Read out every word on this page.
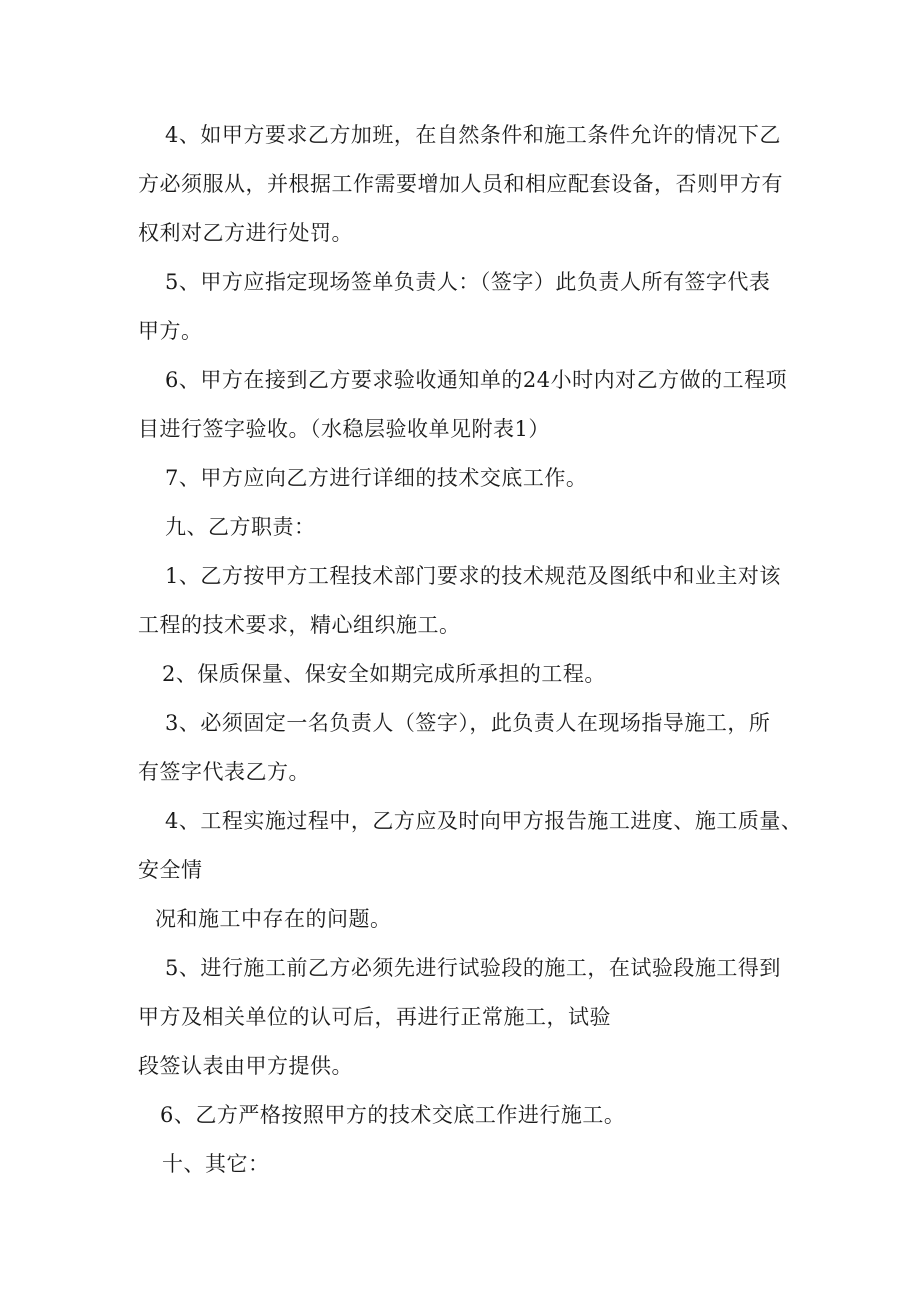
4、如甲方要求乙方加班，在自然条件和施工条件允许的情况下乙
方必须服从，并根据工作需要增加人员和相应配套设备，否则甲方有
权利对乙方进行处罚。
5、甲方应指定现场签单负责人：（签字）此负责人所有签字代表
甲方。
6、甲方在接到乙方要求验收通知单的24小时内对乙方做的工程项
目进行签字验收。（水稳层验收单见附表1）
7、甲方应向乙方进行详细的技术交底工作。
九、乙方职责：
1、乙方按甲方工程技术部门要求的技术规范及图纸中和业主对该
工程的技术要求，精心组织施工。
2、保质保量、保安全如期完成所承担的工程。
3、必须固定一名负责人（签字），此负责人在现场指导施工，所
有签字代表乙方。
4、工程实施过程中，乙方应及时向甲方报告施工进度、施工质量、
安全情
况和施工中存在的问题。
5、进行施工前乙方必须先进行试验段的施工，在试验段施工得到
甲方及相关单位的认可后，再进行正常施工，试验
段签认表由甲方提供。
6、乙方严格按照甲方的技术交底工作进行施工。
十、其它：
